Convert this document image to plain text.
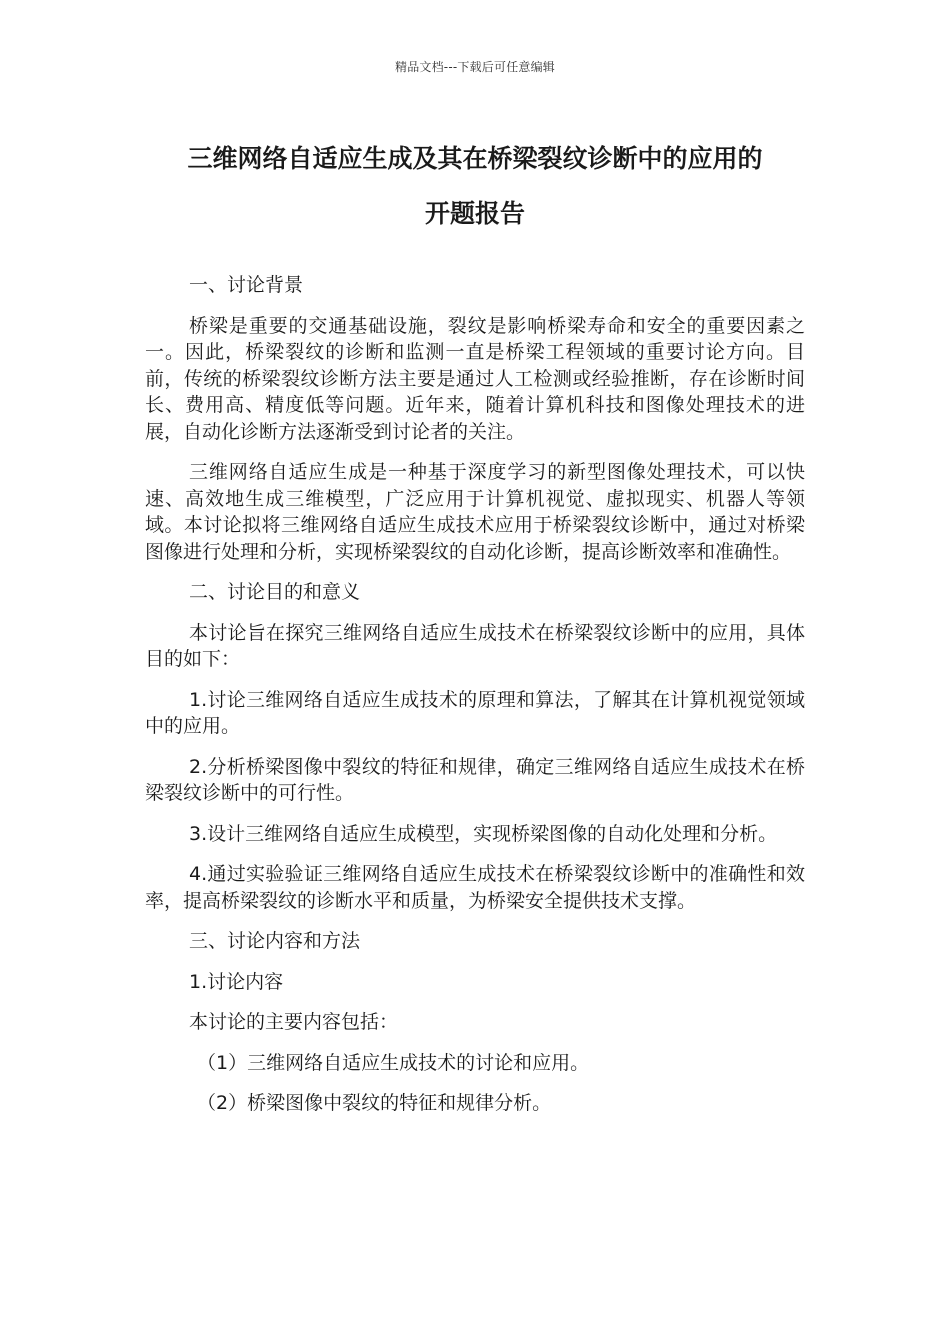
精品文档---下载后可任意编辑
三维网络自适应生成及其在桥梁裂纹诊断中的应用的
开题报告

一、讨论背景

桥梁是重要的交通基础设施，裂纹是影响桥梁寿命和安全的重要因素之一。因此，桥梁裂纹的诊断和监测一直是桥梁工程领域的重要讨论方向。目前，传统的桥梁裂纹诊断方法主要是通过人工检测或经验推断，存在诊断时间长、费用高、精度低等问题。近年来，随着计算机科技和图像处理技术的进展，自动化诊断方法逐渐受到讨论者的关注。

三维网络自适应生成是一种基于深度学习的新型图像处理技术，可以快速、高效地生成三维模型，广泛应用于计算机视觉、虚拟现实、机器人等领域。本讨论拟将三维网络自适应生成技术应用于桥梁裂纹诊断中，通过对桥梁图像进行处理和分析，实现桥梁裂纹的自动化诊断，提高诊断效率和准确性。

二、讨论目的和意义

本讨论旨在探究三维网络自适应生成技术在桥梁裂纹诊断中的应用，具体目的如下：

1.讨论三维网络自适应生成技术的原理和算法，了解其在计算机视觉领域中的应用。

2.分析桥梁图像中裂纹的特征和规律，确定三维网络自适应生成技术在桥梁裂纹诊断中的可行性。

3.设计三维网络自适应生成模型，实现桥梁图像的自动化处理和分析。

4.通过实验验证三维网络自适应生成技术在桥梁裂纹诊断中的准确性和效率，提高桥梁裂纹的诊断水平和质量，为桥梁安全提供技术支撑。

三、讨论内容和方法

1.讨论内容

本讨论的主要内容包括：

（1）三维网络自适应生成技术的讨论和应用。

（2）桥梁图像中裂纹的特征和规律分析。
